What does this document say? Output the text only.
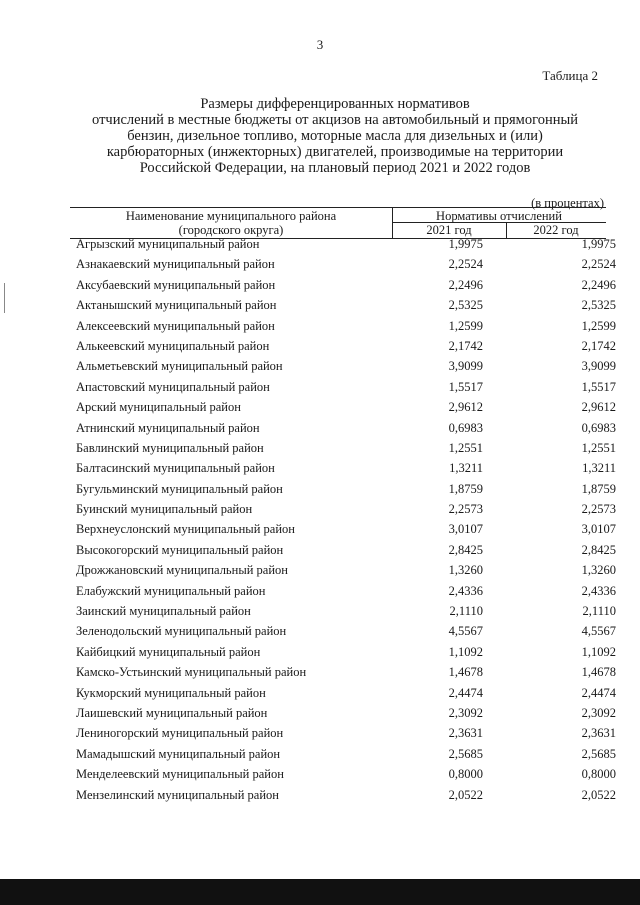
3
Таблица 2
Размеры дифференцированных нормативов
отчислений в местные бюджеты от акцизов на автомобильный и прямогонный
бензин, дизельное топливо, моторные масла для дизельных и (или)
карбюраторных (инжекторных) двигателей, производимые на территории
Российской Федерации, на плановый период 2021 и 2022 годов
(в процентах)
Наименование муниципального района
(городского округа)
Нормативы отчислений
2021 год	2022 год
Агрызский муниципальный район	1,9975	1,9975
Азнакаевский муниципальный район	2,2524	2,2524
Аксубаевский муниципальный район	2,2496	2,2496
Актанышский муниципальный район	2,5325	2,5325
Алексеевский муниципальный район	1,2599	1,2599
Алькеевский муниципальный район	2,1742	2,1742
Альметьевский муниципальный район	3,9099	3,9099
Апастовский муниципальный район	1,5517	1,5517
Арский муниципальный район	2,9612	2,9612
Атнинский муниципальный район	0,6983	0,6983
Бавлинский муниципальный район	1,2551	1,2551
Балтасинский муниципальный район	1,3211	1,3211
Бугульминский муниципальный район	1,8759	1,8759
Буинский муниципальный район	2,2573	2,2573
Верхнеуслонский муниципальный район	3,0107	3,0107
Высокогорский муниципальный район	2,8425	2,8425
Дрожжановский муниципальный район	1,3260	1,3260
Елабужский муниципальный район	2,4336	2,4336
Заинский муниципальный район	2,1110	2,1110
Зеленодольский муниципальный район	4,5567	4,5567
Кайбицкий муниципальный район	1,1092	1,1092
Камско-Устьинский муниципальный район	1,4678	1,4678
Кукморский муниципальный район	2,4474	2,4474
Лаишевский муниципальный район	2,3092	2,3092
Лениногорский муниципальный район	2,3631	2,3631
Мамадышский муниципальный район	2,5685	2,5685
Менделеевский муниципальный район	0,8000	0,8000
Мензелинский муниципальный район	2,0522	2,0522
